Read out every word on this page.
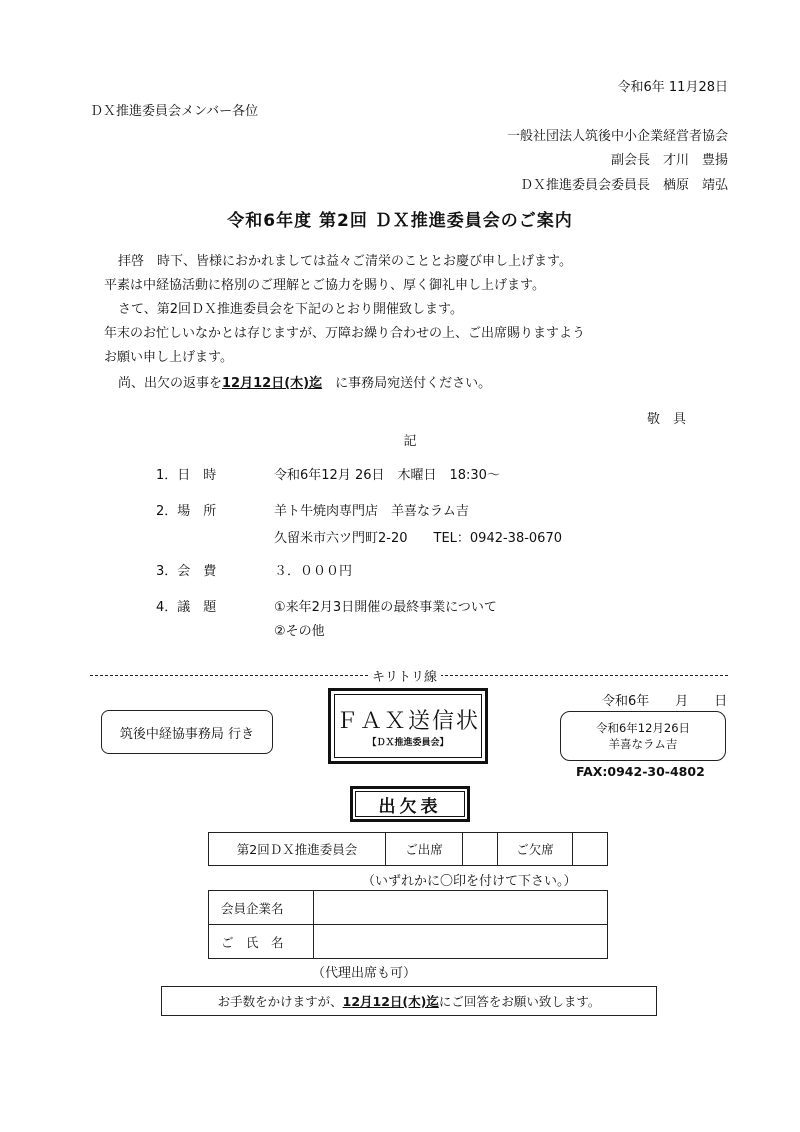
令和6年 11月28日
ＤＸ推進委員会メンバー各位
一般社団法人筑後中小企業経営者協会
副会長　才川　豊揚
ＤＸ推進委員会委員長　楢原　靖弘
令和6年度 第2回 ＤＸ推進委員会のご案内
拝啓　時下、皆様におかれましては益々ご清栄のこととお慶び申し上げます。
平素は中経協活動に格別のご理解とご協力を賜り、厚く御礼申し上げます。
さて、第2回ＤＸ推進委員会を下記のとおり開催致します。
年末のお忙しいなかとは存じますが、万障お繰り合わせの上、ご出席賜りますよう
お願い申し上げます。
尚、出欠の返事を12月12日(木)迄　に事務局宛送付ください。
敬　具
記
1．日　時	令和6年12月 26日　木曜日　18:30～
2．場　所	羊ト牛焼肉専門店　羊喜なラム吉
久留米市六ツ門町2-20　　TEL：0942-38-0670
3．会　費	３．０００円
4．議　題	①来年2月3日開催の最終事業について
②その他
キリトリ線
筑後中経協事務局 行き	ＦＡＸ送信状
【ＤＸ推進委員会】
令和6年　　月　　日
令和6年12月26日
羊喜なラム吉
FAX:0942-30-4802
出欠表
第2回ＤＸ推進委員会	ご出席	ご欠席
（いずれかに〇印を付けて下さい。）
会員企業名
ご　氏　名
（代理出席も可）
お手数をかけますが、 12月12日(木)迄 にご回答をお願い致します。
